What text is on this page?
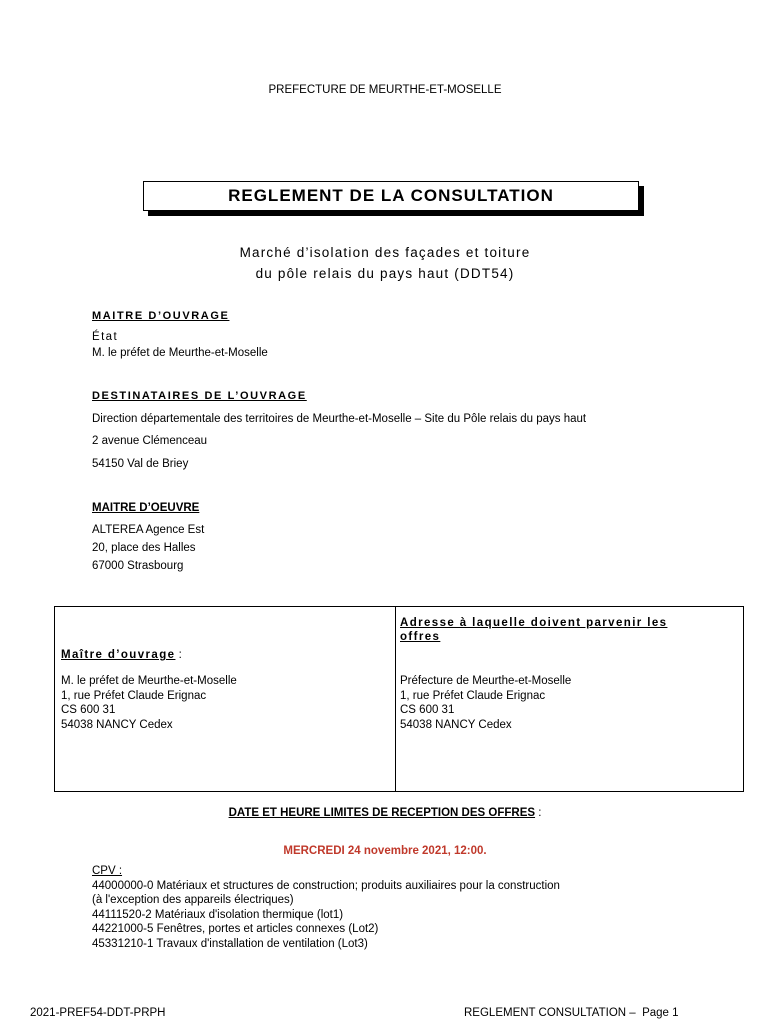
PREFECTURE DE MEURTHE-ET-MOSELLE
REGLEMENT DE LA CONSULTATION
Marché d’isolation des façades et toiture
du pôle relais du pays haut (DDT54)
MAITRE D’OUVRAGE
État
M. le préfet de Meurthe-et-Moselle
DESTINATAIRES DE L’OUVRAGE
Direction départementale des territoires de Meurthe-et-Moselle – Site du Pôle relais du pays haut
2 avenue Clémenceau
54150 Val de Briey
MAITRE D’OEUVRE
ALTEREA Agence Est
20, place des Halles
67000 Strasbourg
Maître d’ouvrage :
M. le préfet de Meurthe-et-Moselle
1, rue Préfet Claude Erignac
CS 600 31
54038 NANCY Cedex
Adresse à laquelle doivent parvenir les
offres
Préfecture de Meurthe-et-Moselle
1, rue Préfet Claude Erignac
CS 600 31
54038 NANCY Cedex
DATE ET HEURE LIMITES DE RECEPTION DES OFFRES :
MERCREDI 24 novembre 2021, 12:00.
CPV :
44000000-0 Matériaux et structures de construction; produits auxiliaires pour la construction
(à l'exception des appareils électriques)
44111520-2 Matériaux d'isolation thermique (lot1)
44221000-5 Fenêtres, portes et articles connexes (Lot2)
45331210-1 Travaux d'installation de ventilation (Lot3)
2021-PREF54-DDT-PRPH	REGLEMENT CONSULTATION –  Page 1
